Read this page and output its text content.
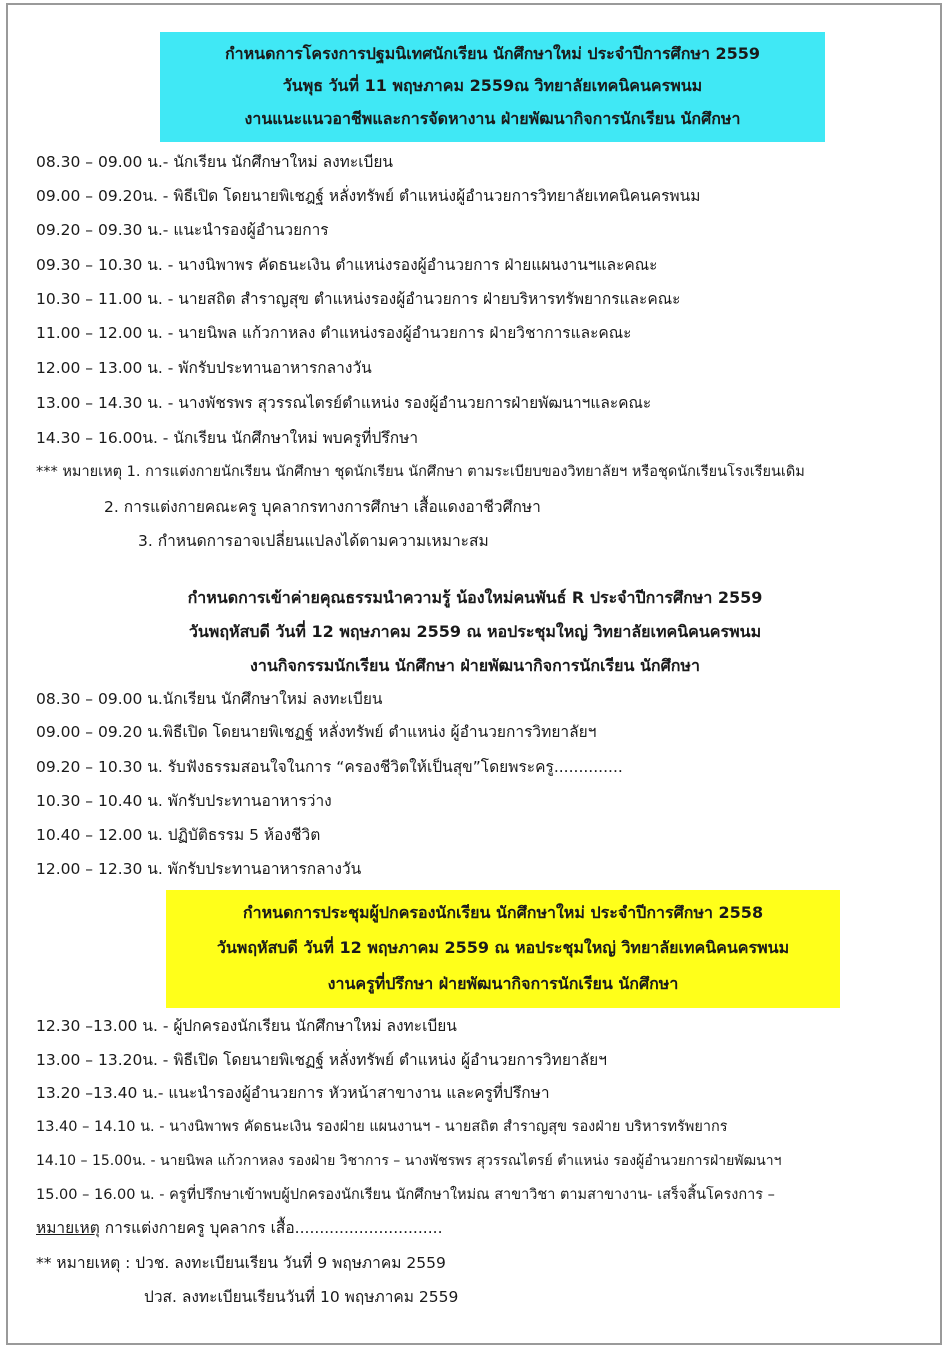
กำหนดการโครงการปฐมนิเทศนักเรียน นักศึกษาใหม่ ประจำปีการศึกษา 2559
วันพุธ วันที่ 11 พฤษภาคม 2559ณ วิทยาลัยเทคนิคนครพนม
งานแนะแนวอาชีพและการจัดหางาน ฝ่ายพัฒนากิจการนักเรียน นักศึกษา
08.30 – 09.00 น.- นักเรียน นักศึกษาใหม่ ลงทะเบียน
09.00 – 09.20น. - พิธีเปิด โดยนายพิเชฎฐ์ หลั่งทรัพย์ ตำแหน่งผู้อำนวยการวิทยาลัยเทคนิคนครพนม
09.20 – 09.30 น.- แนะนำรองผู้อำนวยการ
09.30 – 10.30 น. - นางนิพาพร คัดธนะเงิน ตำแหน่งรองผู้อำนวยการ ฝ่ายแผนงานฯและคณะ
10.30 – 11.00 น. - นายสถิต สำราญสุข ตำแหน่งรองผู้อำนวยการ ฝ่ายบริหารทรัพยากรและคณะ
11.00 – 12.00 น. - นายนิพล แก้วกาหลง ตำแหน่งรองผู้อำนวยการ ฝ่ายวิชาการและคณะ
12.00 – 13.00 น. - พักรับประทานอาหารกลางวัน
13.00 – 14.30 น. - นางพัชรพร สุวรรณไตรย์ตำแหน่ง รองผู้อำนวยการฝ่ายพัฒนาฯและคณะ
14.30 – 16.00น. - นักเรียน นักศึกษาใหม่ พบครูที่ปรึกษา
*** หมายเหตุ 1. การแต่งกายนักเรียน นักศึกษา ชุดนักเรียน นักศึกษา ตามระเบียบของวิทยาลัยฯ หรือชุดนักเรียนโรงเรียนเดิม
2. การแต่งกายคณะครู บุคลากรทางการศึกษา เสื้อแดงอาชีวศึกษา
3. กำหนดการอาจเปลี่ยนแปลงได้ตามความเหมาะสม
กำหนดการเข้าค่ายคุณธรรมนำความรู้ น้องใหม่คนพันธ์ R ประจำปีการศึกษา 2559
วันพฤหัสบดี วันที่ 12 พฤษภาคม 2559 ณ หอประชุมใหญ่ วิทยาลัยเทคนิคนครพนม
งานกิจกรรมนักเรียน นักศึกษา ฝ่ายพัฒนากิจการนักเรียน นักศึกษา
08.30 – 09.00 น.นักเรียน นักศึกษาใหม่ ลงทะเบียน
09.00 – 09.20 น.พิธีเปิด โดยนายพิเชฏฐ์ หลั่งทรัพย์ ตำแหน่ง ผู้อำนวยการวิทยาลัยฯ
09.20 – 10.30 น. รับฟังธรรมสอนใจในการ “ครองชีวิตให้เป็นสุข”โดยพระครู..............
10.30 – 10.40 น. พักรับประทานอาหารว่าง
10.40 – 12.00 น. ปฏิบัติธรรม 5 ห้องชีวิต
12.00 – 12.30 น. พักรับประทานอาหารกลางวัน
กำหนดการประชุมผู้ปกครองนักเรียน นักศึกษาใหม่ ประจำปีการศึกษา 2558
วันพฤหัสบดี วันที่ 12 พฤษภาคม 2559 ณ หอประชุมใหญ่ วิทยาลัยเทคนิคนครพนม
งานครูที่ปรึกษา ฝ่ายพัฒนากิจการนักเรียน นักศึกษา
12.30 –13.00 น. - ผู้ปกครองนักเรียน นักศึกษาใหม่ ลงทะเบียน
13.00 – 13.20น. - พิธีเปิด โดยนายพิเชฏฐ์ หลั่งทรัพย์ ตำแหน่ง ผู้อำนวยการวิทยาลัยฯ
13.20 –13.40 น.- แนะนำรองผู้อำนวยการ หัวหน้าสาขางาน และครูที่ปรึกษา
13.40 – 14.10 น. - นางนิพาพร คัดธนะเงิน รองฝ่าย แผนงานฯ - นายสถิต สำราญสุข รองฝ่าย บริหารทรัพยากร
14.10 – 15.00น. - นายนิพล แก้วกาหลง รองฝ่าย วิชาการ – นางพัชรพร สุวรรณไตรย์ ตำแหน่ง รองผู้อำนวยการฝ่ายพัฒนาฯ
15.00 – 16.00 น. - ครูที่ปรึกษาเข้าพบผู้ปกครองนักเรียน นักศึกษาใหม่ณ สาขาวิชา ตามสาขางาน- เสร็จสิ้นโครงการ –
หมายเหตุ การแต่งกายครู บุคลากร เสื้อ..............................
** หมายเหตุ : ปวช. ลงทะเบียนเรียน วันที่ 9 พฤษภาคม 2559
ปวส. ลงทะเบียนเรียนวันที่ 10 พฤษภาคม 2559
